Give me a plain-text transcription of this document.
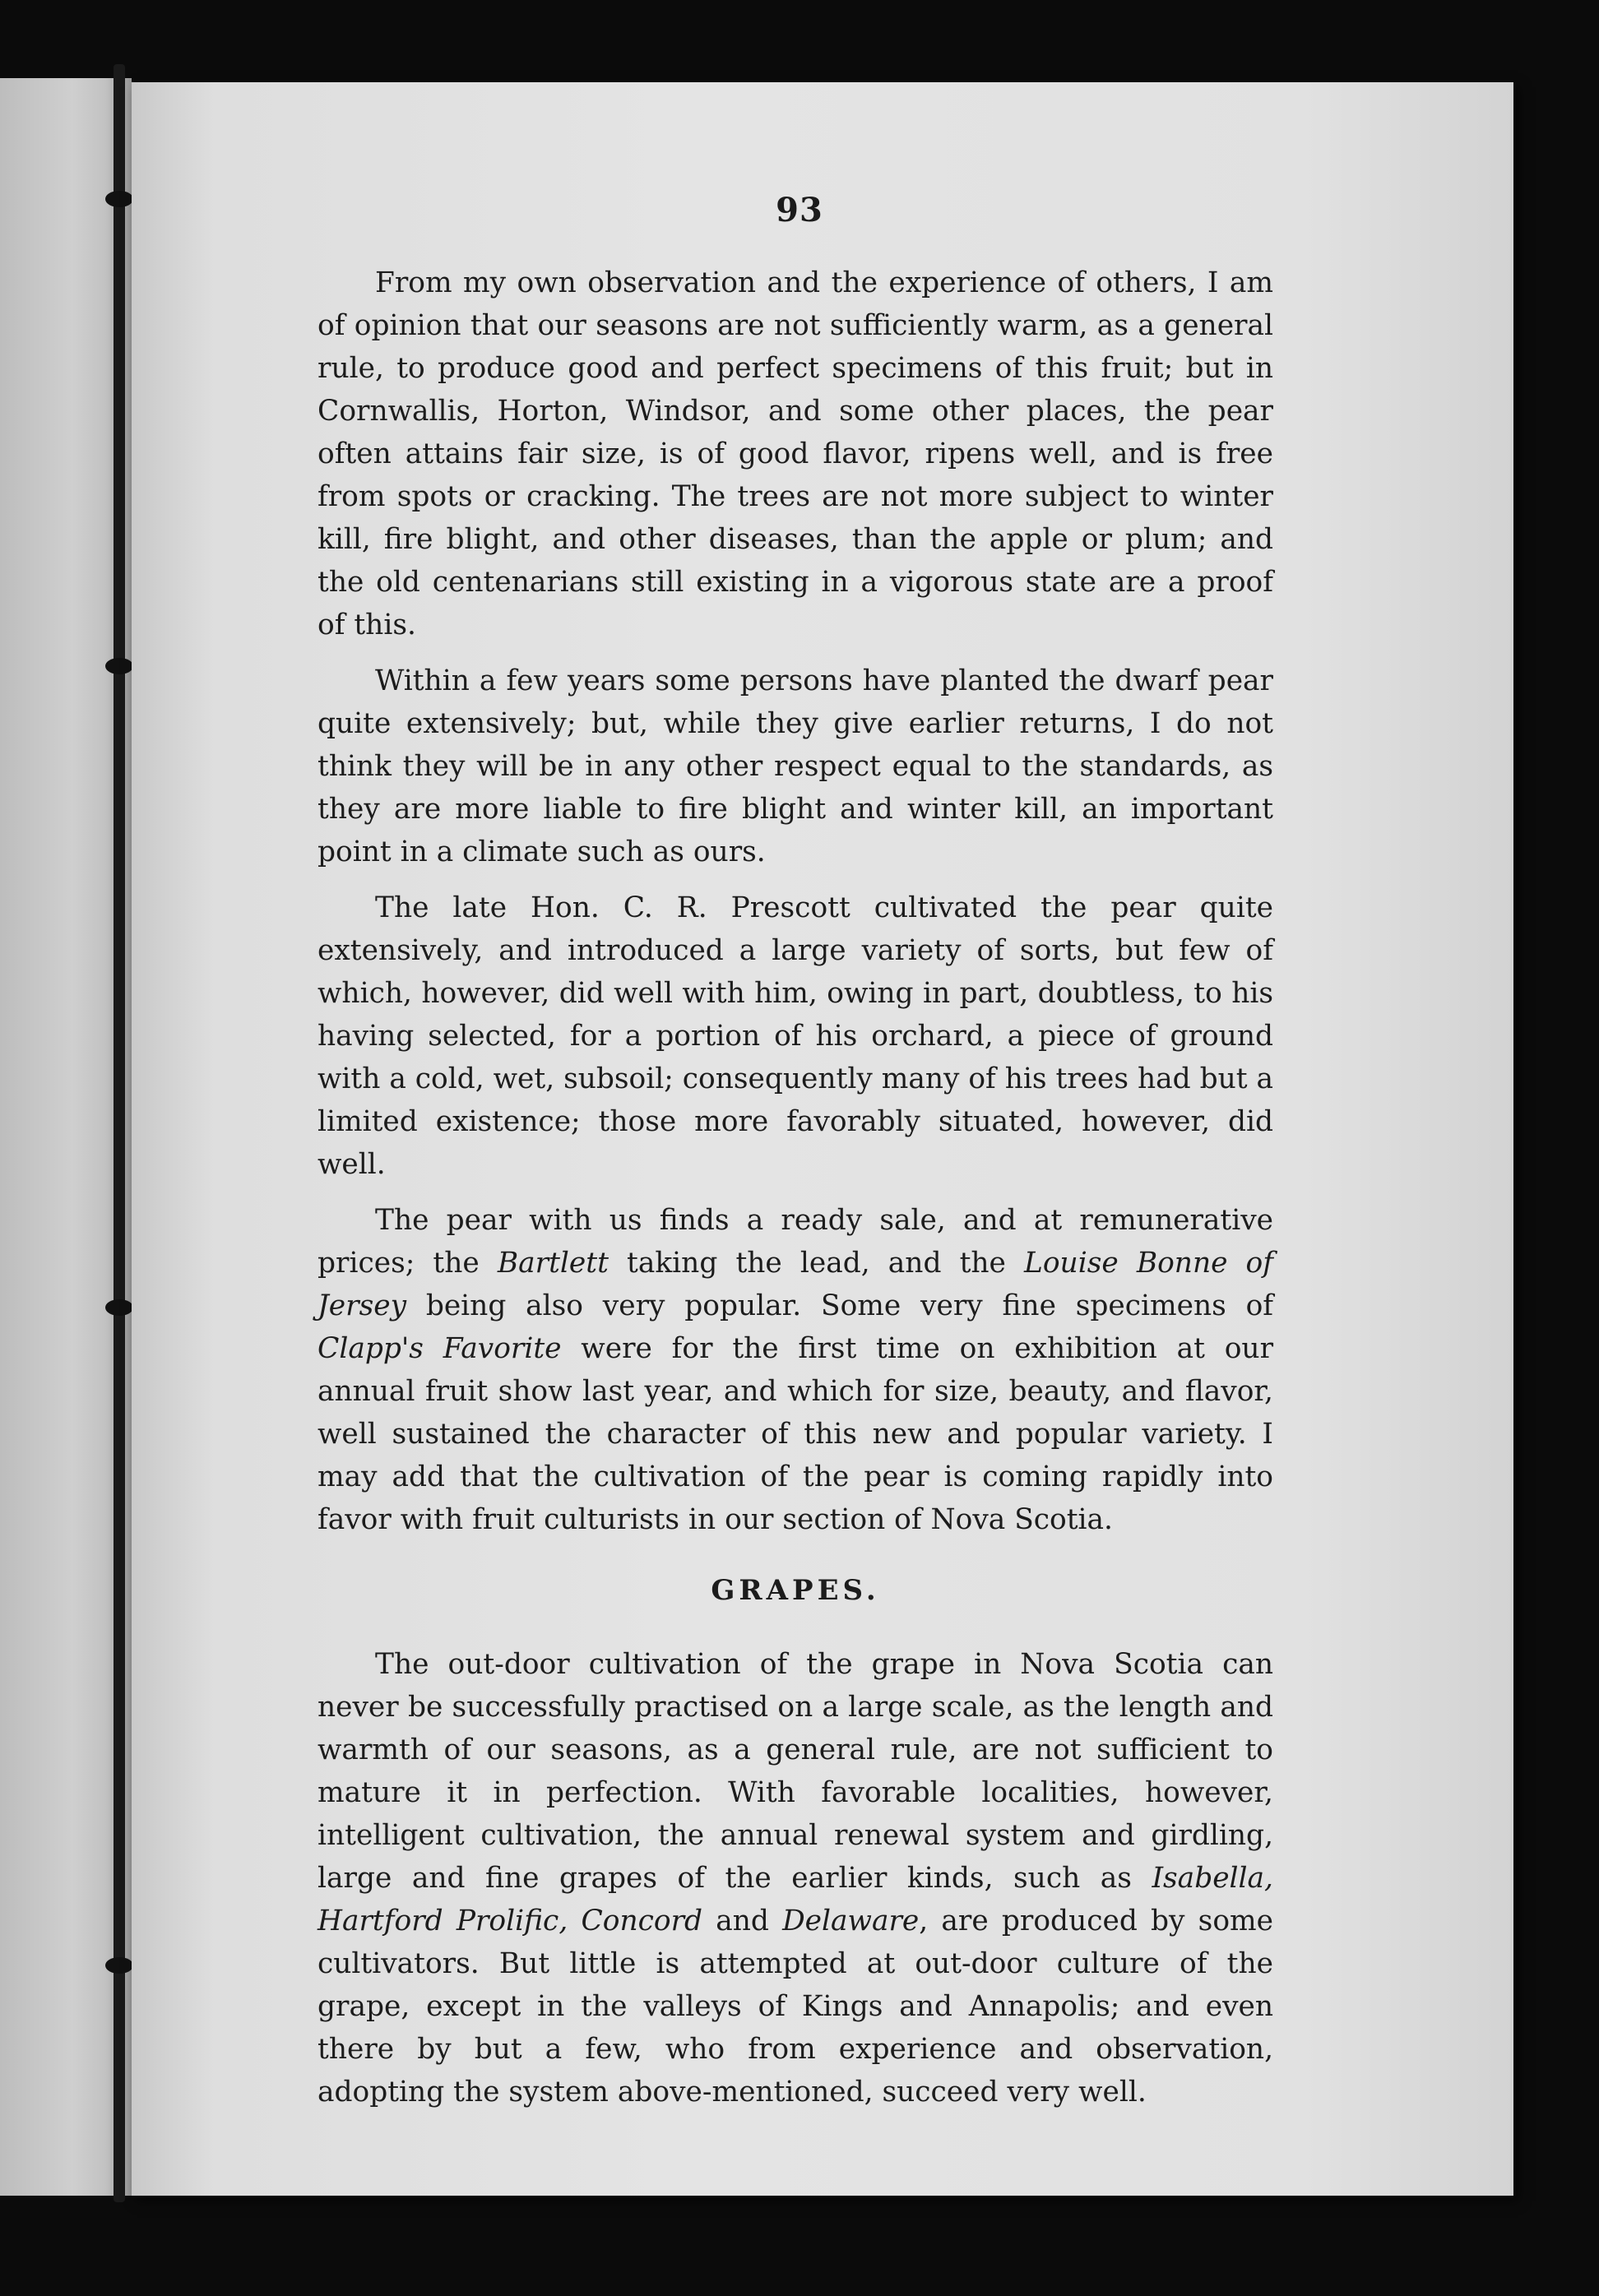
93

From my own observation and the experience of others, I am of opinion that our seasons are not sufficiently warm, as a general rule, to produce good and perfect specimens of this fruit; but in Cornwallis, Horton, Windsor, and some other places, the pear often attains fair size, is of good flavor, ripens well, and is free from spots or cracking. The trees are not more subject to winter kill, fire blight, and other diseases, than the apple or plum; and the old centenarians still existing in a vigorous state are a proof of this.

Within a few years some persons have planted the dwarf pear quite extensively; but, while they give earlier returns, I do not think they will be in any other respect equal to the standards, as they are more liable to fire blight and winter kill, an important point in a climate such as ours.

The late Hon. C. R. Prescott cultivated the pear quite extensively, and introduced a large variety of sorts, but few of which, however, did well with him, owing in part, doubtless, to his having selected, for a portion of his orchard, a piece of ground with a cold, wet, subsoil; consequently many of his trees had but a limited existence; those more favorably situated, however, did well.

The pear with us finds a ready sale, and at remunerative prices; the Bartlett taking the lead, and the Louise Bonne of Jersey being also very popular. Some very fine specimens of Clapp's Favorite were for the first time on exhibition at our annual fruit show last year, and which for size, beauty, and flavor, well sustained the character of this new and popular variety. I may add that the cultivation of the pear is coming rapidly into favor with fruit culturists in our section of Nova Scotia.

GRAPES.

The out-door cultivation of the grape in Nova Scotia can never be successfully practised on a large scale, as the length and warmth of our seasons, as a general rule, are not sufficient to mature it in perfection. With favorable localities, however, intelligent cultivation, the annual renewal system and girdling, large and fine grapes of the earlier kinds, such as Isabella, Hartford Prolific, Concord and Delaware, are produced by some cultivators. But little is attempted at out-door culture of the grape, except in the valleys of Kings and Annapolis; and even there by but a few, who from experience and observation, adopting the system above-mentioned, succeed very well.
